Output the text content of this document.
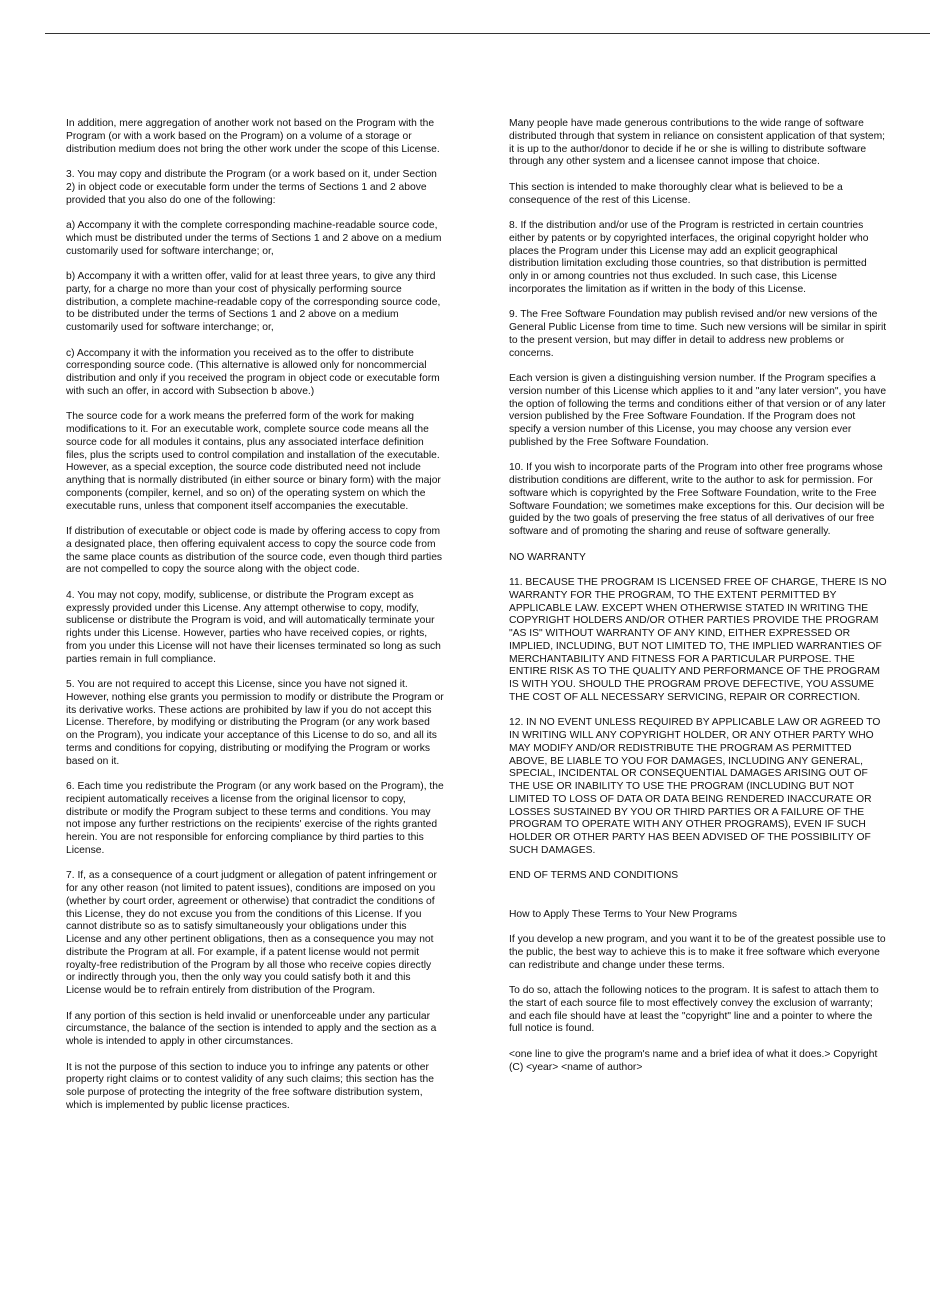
In addition, mere aggregation of another work not based on the Program with the
Program (or with a work based on the Program) on a volume of a storage or
distribution medium does not bring the other work under the scope of this License.

3. You may copy and distribute the Program (or a work based on it, under Section
2) in object code or executable form under the terms of Sections 1 and 2 above
provided that you also do one of the following:

a) Accompany it with the complete corresponding machine-readable source code,
which must be distributed under the terms of Sections 1 and 2 above on a medium
customarily used for software interchange; or,

b) Accompany it with a written offer, valid for at least three years, to give any third
party, for a charge no more than your cost of physically performing source
distribution, a complete machine-readable copy of the corresponding source code,
to be distributed under the terms of Sections 1 and 2 above on a medium
customarily used for software interchange; or,

c) Accompany it with the information you received as to the offer to distribute
corresponding source code. (This alternative is allowed only for noncommercial
distribution and only if you received the program in object code or executable form
with such an offer, in accord with Subsection b above.)

The source code for a work means the preferred form of the work for making
modifications to it. For an executable work, complete source code means all the
source code for all modules it contains, plus any associated interface definition
files, plus the scripts used to control compilation and installation of the executable.
However, as a special exception, the source code distributed need not include
anything that is normally distributed (in either source or binary form) with the major
components (compiler, kernel, and so on) of the operating system on which the
executable runs, unless that component itself accompanies the executable.

If distribution of executable or object code is made by offering access to copy from
a designated place, then offering equivalent access to copy the source code from
the same place counts as distribution of the source code, even though third parties
are not compelled to copy the source along with the object code.

4. You may not copy, modify, sublicense, or distribute the Program except as
expressly provided under this License. Any attempt otherwise to copy, modify,
sublicense or distribute the Program is void, and will automatically terminate your
rights under this License. However, parties who have received copies, or rights,
from you under this License will not have their licenses terminated so long as such
parties remain in full compliance.

5. You are not required to accept this License, since you have not signed it.
However, nothing else grants you permission to modify or distribute the Program or
its derivative works. These actions are prohibited by law if you do not accept this
License. Therefore, by modifying or distributing the Program (or any work based
on the Program), you indicate your acceptance of this License to do so, and all its
terms and conditions for copying, distributing or modifying the Program or works
based on it.

6. Each time you redistribute the Program (or any work based on the Program), the
recipient automatically receives a license from the original licensor to copy,
distribute or modify the Program subject to these terms and conditions. You may
not impose any further restrictions on the recipients' exercise of the rights granted
herein. You are not responsible for enforcing compliance by third parties to this
License.

7. If, as a consequence of a court judgment or allegation of patent infringement or
for any other reason (not limited to patent issues), conditions are imposed on you
(whether by court order, agreement or otherwise) that contradict the conditions of
this License, they do not excuse you from the conditions of this License. If you
cannot distribute so as to satisfy simultaneously your obligations under this
License and any other pertinent obligations, then as a consequence you may not
distribute the Program at all. For example, if a patent license would not permit
royalty-free redistribution of the Program by all those who receive copies directly
or indirectly through you, then the only way you could satisfy both it and this
License would be to refrain entirely from distribution of the Program.

If any portion of this section is held invalid or unenforceable under any particular
circumstance, the balance of the section is intended to apply and the section as a
whole is intended to apply in other circumstances.

It is not the purpose of this section to induce you to infringe any patents or other
property right claims or to contest validity of any such claims; this section has the
sole purpose of protecting the integrity of the free software distribution system,
which is implemented by public license practices.

Many people have made generous contributions to the wide range of software
distributed through that system in reliance on consistent application of that system;
it is up to the author/donor to decide if he or she is willing to distribute software
through any other system and a licensee cannot impose that choice.

This section is intended to make thoroughly clear what is believed to be a
consequence of the rest of this License.

8. If the distribution and/or use of the Program is restricted in certain countries
either by patents or by copyrighted interfaces, the original copyright holder who
places the Program under this License may add an explicit geographical
distribution limitation excluding those countries, so that distribution is permitted
only in or among countries not thus excluded. In such case, this License
incorporates the limitation as if written in the body of this License.

9. The Free Software Foundation may publish revised and/or new versions of the
General Public License from time to time. Such new versions will be similar in spirit
to the present version, but may differ in detail to address new problems or
concerns.

Each version is given a distinguishing version number. If the Program specifies a
version number of this License which applies to it and "any later version", you have
the option of following the terms and conditions either of that version or of any later
version published by the Free Software Foundation. If the Program does not
specify a version number of this License, you may choose any version ever
published by the Free Software Foundation.

10. If you wish to incorporate parts of the Program into other free programs whose
distribution conditions are different, write to the author to ask for permission. For
software which is copyrighted by the Free Software Foundation, write to the Free
Software Foundation; we sometimes make exceptions for this. Our decision will be
guided by the two goals of preserving the free status of all derivatives of our free
software and of promoting the sharing and reuse of software generally.

NO WARRANTY

11. BECAUSE THE PROGRAM IS LICENSED FREE OF CHARGE, THERE IS NO
WARRANTY FOR THE PROGRAM, TO THE EXTENT PERMITTED BY
APPLICABLE LAW. EXCEPT WHEN OTHERWISE STATED IN WRITING THE
COPYRIGHT HOLDERS AND/OR OTHER PARTIES PROVIDE THE PROGRAM
"AS IS" WITHOUT WARRANTY OF ANY KIND, EITHER EXPRESSED OR
IMPLIED, INCLUDING, BUT NOT LIMITED TO, THE IMPLIED WARRANTIES OF
MERCHANTABILITY AND FITNESS FOR A PARTICULAR PURPOSE. THE
ENTIRE RISK AS TO THE QUALITY AND PERFORMANCE OF THE PROGRAM
IS WITH YOU. SHOULD THE PROGRAM PROVE DEFECTIVE, YOU ASSUME
THE COST OF ALL NECESSARY SERVICING, REPAIR OR CORRECTION.

12. IN NO EVENT UNLESS REQUIRED BY APPLICABLE LAW OR AGREED TO
IN WRITING WILL ANY COPYRIGHT HOLDER, OR ANY OTHER PARTY WHO
MAY MODIFY AND/OR REDISTRIBUTE THE PROGRAM AS PERMITTED
ABOVE, BE LIABLE TO YOU FOR DAMAGES, INCLUDING ANY GENERAL,
SPECIAL, INCIDENTAL OR CONSEQUENTIAL DAMAGES ARISING OUT OF
THE USE OR INABILITY TO USE THE PROGRAM (INCLUDING BUT NOT
LIMITED TO LOSS OF DATA OR DATA BEING RENDERED INACCURATE OR
LOSSES SUSTAINED BY YOU OR THIRD PARTIES OR A FAILURE OF THE
PROGRAM TO OPERATE WITH ANY OTHER PROGRAMS), EVEN IF SUCH
HOLDER OR OTHER PARTY HAS BEEN ADVISED OF THE POSSIBILITY OF
SUCH DAMAGES.

END OF TERMS AND CONDITIONS

How to Apply These Terms to Your New Programs

If you develop a new program, and you want it to be of the greatest possible use to
the public, the best way to achieve this is to make it free software which everyone
can redistribute and change under these terms.

To do so, attach the following notices to the program. It is safest to attach them to
the start of each source file to most effectively convey the exclusion of warranty;
and each file should have at least the "copyright" line and a pointer to where the
full notice is found.

<one line to give the program's name and a brief idea of what it does.> Copyright
(C) <year> <name of author>
